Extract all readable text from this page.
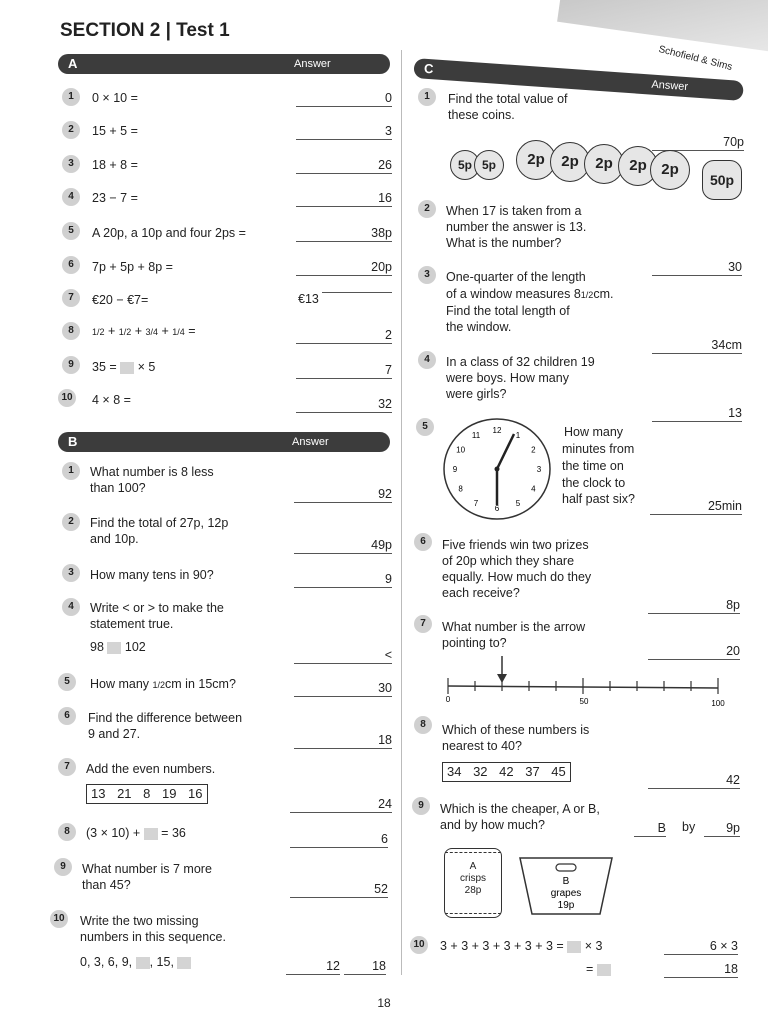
SECTION 2 | Test 1
Schofield & Sims
A	Answer
1	0 × 10 =	0
2	15 + 5 =	3
3	18 + 8 =	26
4	23 − 7 =	16
5	A 20p, a 10p and four 2ps =	38p
6	7p + 5p + 8p =	20p
7	€20 − €7=	€13
8	1/2 + 1/2 + 3/4 + 1/4 =	2
9	35 = × 5	7
10 4 × 8 =	32
B	Answer
1	What number is 8 less
than 100?	92
2	Find the total of 27p, 12p
and 10p.	49p
3	How many tens in 90?	9
4	Write < or > to make the
statement true.
98 102
<
5	How many 1/2cm in 15cm?	30
6	Find the difference between
9 and 27.	18
7	Add the even numbers.
13 21 8 19 16
24
8	(3 × 10) + = 36	6
9	What number is 7 more
than 45?	52
10 Write the two missing
numbers in this sequence.
0, 3, 6, 9, , 15,	12	18
C
Answer
1	Find the total value of
these coins.
70p
5p 5p	2p	2p	2p	2p 2p
50p
2	When 17 is taken from a
number the answer is 13.
What is the number?
30
3	One-quarter of the length
of a window measures 81/2cm.
Find the total length of
the window.
34cm
4	In a class of 32 children 19
were boys. How many
were girls?
13
5	12
1
2
3
4
5
6
7
8
9
10
11	How many
minutes from
the time on
the clock to
half past six?	25min
6	Five friends win two prizes
of 20p which they share
equally. How much do they
each receive?
8p
7	What number is the arrow
pointing to?
20
0	50	100
8	Which of these numbers is
nearest to 40?
34 32 42 37 45
42
9	Which is the cheaper, A or B,
and by how much?	B by	9p
A
crisps
28p
B
grapes
19p
10 3 + 3 + 3 + 3 + 3 + 3 = × 3
=
6 × 3
18
18
